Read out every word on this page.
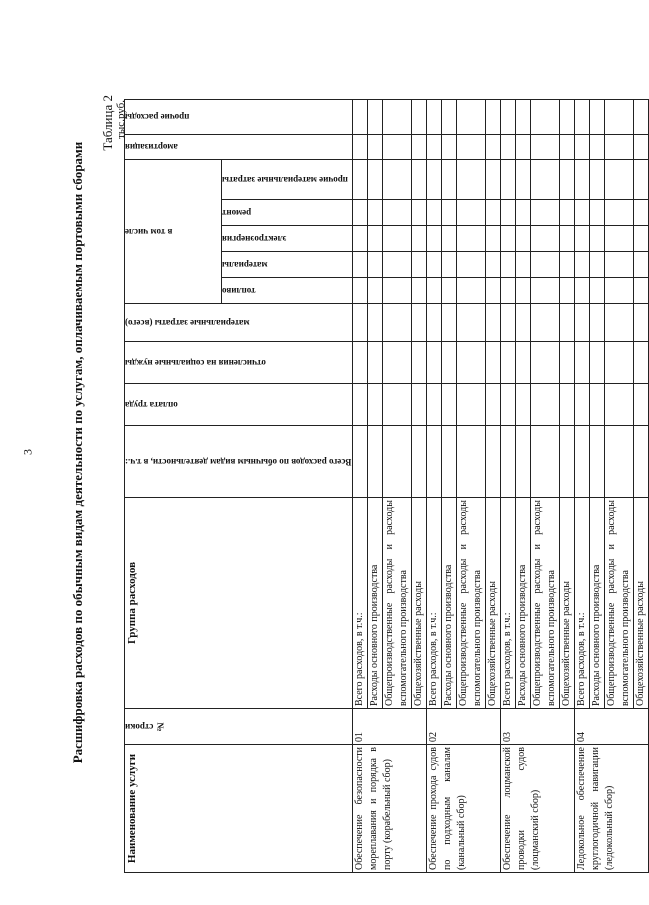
3	Расшифровка расходов по обычным видам деятельности по услугам, оплачиваемым портовыми сборами
Таблица 2 тыс.руб.
Наименование услуги	№ строки	Группа расходов	Всего расходов по обычным видам деятельности, в т.ч.:	оплата труда	отчисления на социальные нужды	материальные затраты (всего)	в том числе					амортизация	прочие расходы

							топливо	материалы	электроэнергия	ремонт	прочие материальные затраты		

Обеспечение безопасности мореплавания и порядка в порту (корабельный сбор)	01	Всего расходов, в т.ч.:											
		Расходы основного производства											
		Общепроизводственные расходы и расходы вспомогательного производства											
		Общехозяйственные расходы											
Обеспечение прохода судов по подходным каналам (канальный сбор)	02	Всего расходов, в т.ч.:											
		Расходы основного производства											
		Общепроизводственные расходы и расходы вспомогательного производства											
		Общехозяйственные расходы											
Обеспечение лоцманской проводки судов (лоцманский сбор)	03	Всего расходов, в т.ч.:											
		Расходы основного производства											
		Общепроизводственные расходы и расходы вспомогательного производства											
		Общехозяйственные расходы											
Ледокольное обеспечение круглогодичной навигации (ледокольный сбор)	04	Всего расходов, в т.ч.:											
		Расходы основного производства											
		Общепроизводственные расходы и расходы вспомогательного производства											
		Общехозяйственные расходы											
